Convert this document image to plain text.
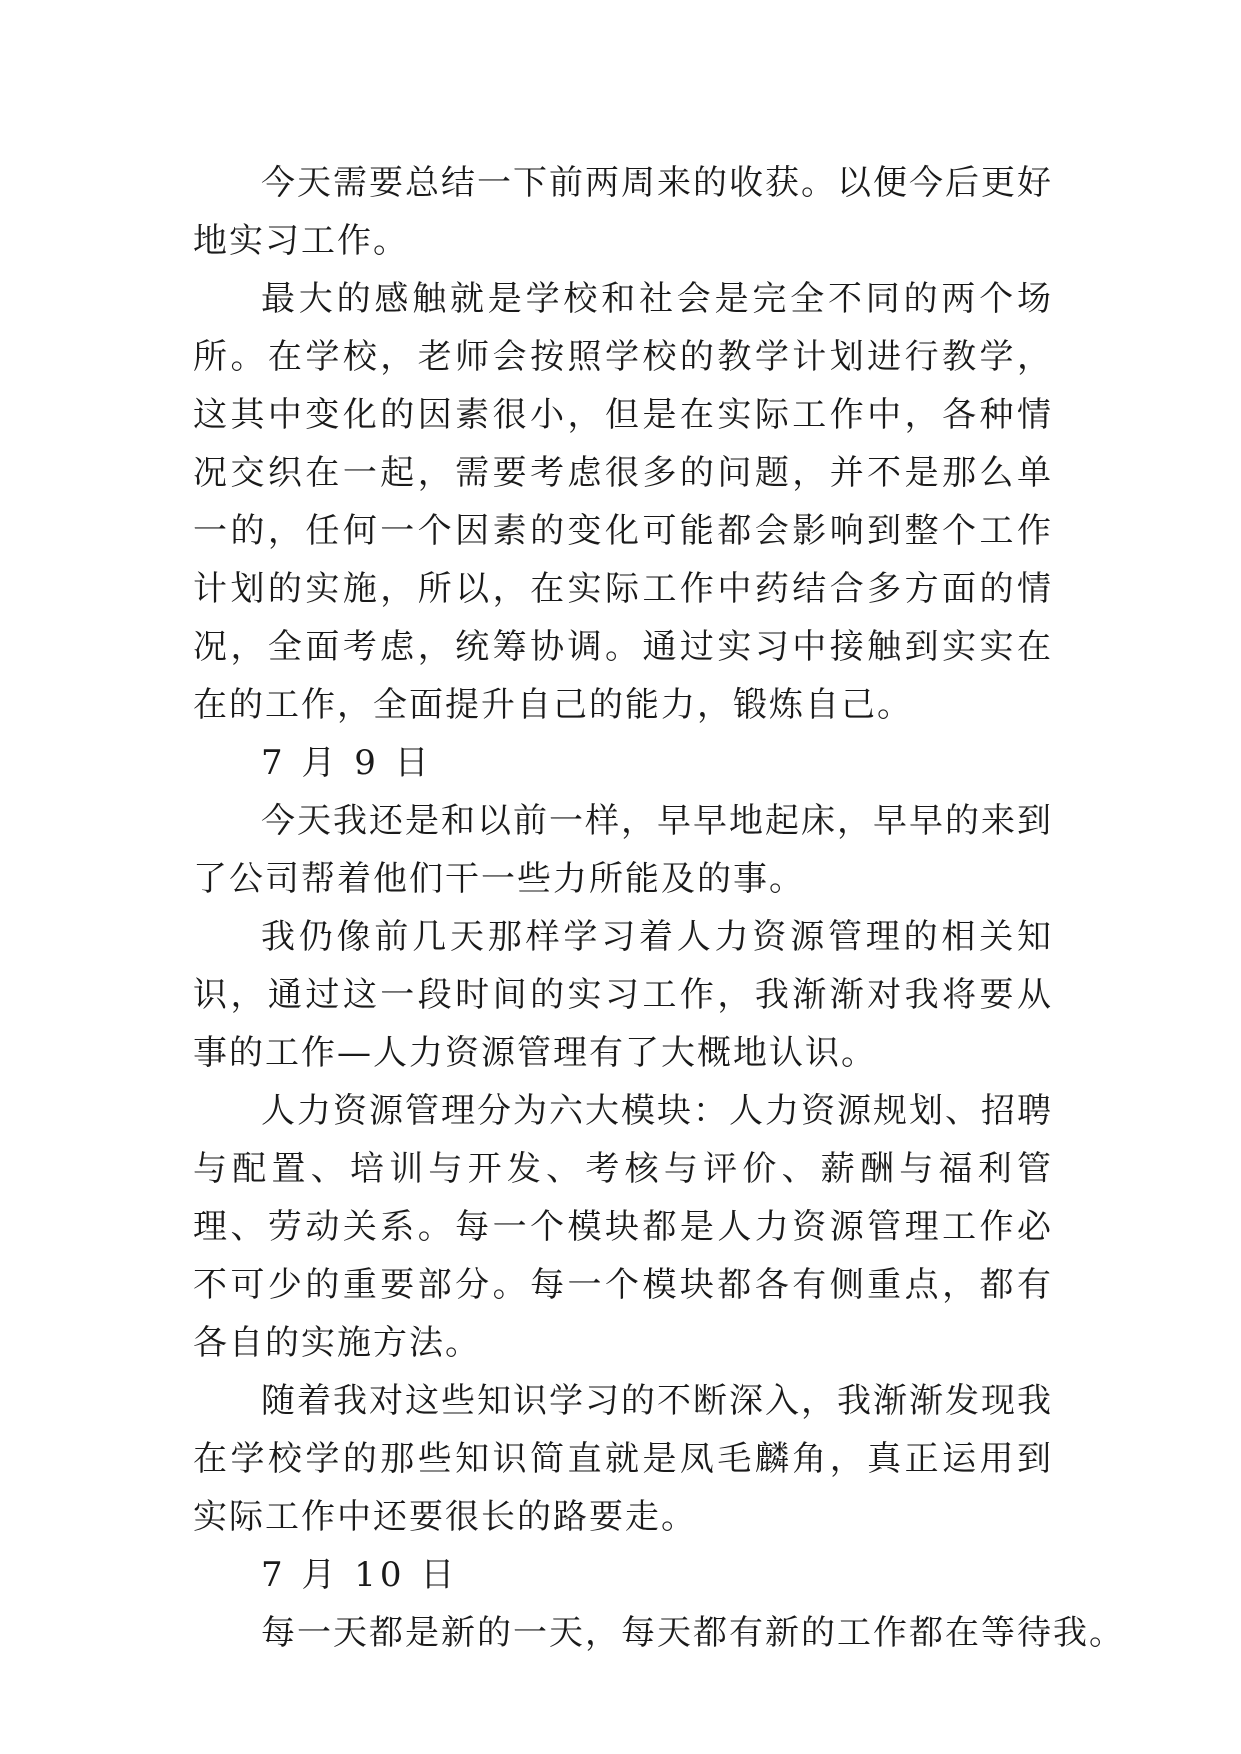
今天需要总结一下前两周来的收获。以便今后更好地实习工作。

最大的感触就是学校和社会是完全不同的两个场所。在学校，老师会按照学校的教学计划进行教学，这其中变化的因素很小，但是在实际工作中，各种情况交织在一起，需要考虑很多的问题，并不是那么单一的，任何一个因素的变化可能都会影响到整个工作计划的实施，所以，在实际工作中药结合多方面的情况，全面考虑，统筹协调。通过实习中接触到实实在在的工作，全面提升自己的能力，锻炼自己。

7 月 9 日

今天我还是和以前一样，早早地起床，早早的来到了公司帮着他们干一些力所能及的事。

我仍像前几天那样学习着人力资源管理的相关知识，通过这一段时间的实习工作，我渐渐对我将要从事的工作—人力资源管理有了大概地认识。

人力资源管理分为六大模块：人力资源规划、招聘与配置、培训与开发、考核与评价、薪酬与福利管理、劳动关系。每一个模块都是人力资源管理工作必不可少的重要部分。每一个模块都各有侧重点，都有各自的实施方法。

随着我对这些知识学习的不断深入，我渐渐发现我在学校学的那些知识简直就是凤毛麟角，真正运用到实际工作中还要很长的路要走。

7 月 10 日

每一天都是新的一天，每天都有新的工作都在等待我。
